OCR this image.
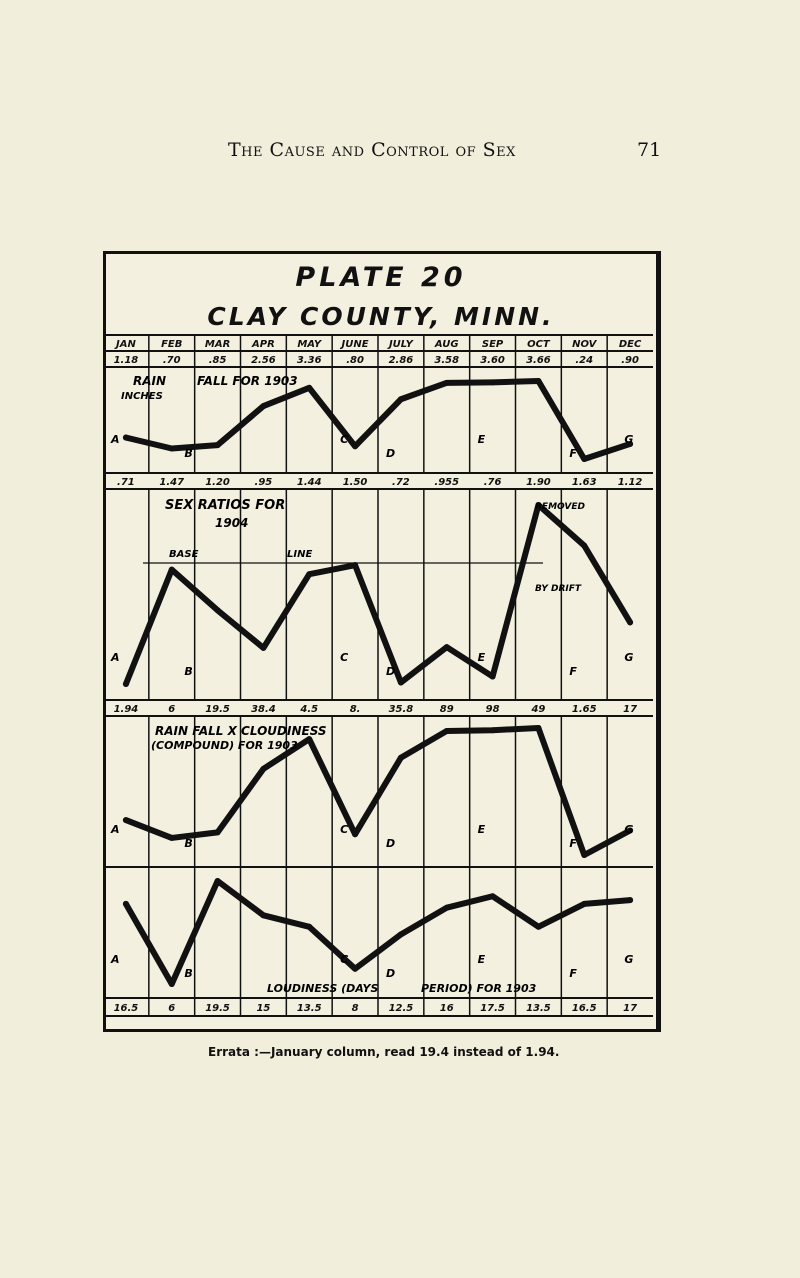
The Cause and Control of Sex	71
PLATE 20
CLAY COUNTY, MINN.
JAN	FEB	MAR	APR	MAY	JUNE	JULY	AUG	SEP	OCT	NOV	DEC
1.18	.70	.85	2.56	3.36	.80	2.86	3.58	3.60	3.66	.24	.90
.71	1.47	1.20	.95	1.44	1.50	.72	.955	.76	1.90	1.63	1.12
1.94	6	19.5	38.4	4.5	8.	35.8	89	98	49	1.65	17
16.5	6	19.5	15	13.5	8	12.5	16	17.5	13.5	16.5	17
RAIN
INCHES
FALL FOR 1903
SEX RATIOS FOR
1904
BASE	LINE
RAIN FALL X CLOUDINESS
(COMPOUND) FOR 1903
LOUDINESS (DAYS	PERIOD) FOR 1903
REMOVED
BY DRIFT
A
B
C
D
E
F
G
A
B
C
D
E
F
G
A
B
C
D
E
F
G
A
B
C
D
E
F
G
Errata :—January column, read 19.4 instead of 1.94.
